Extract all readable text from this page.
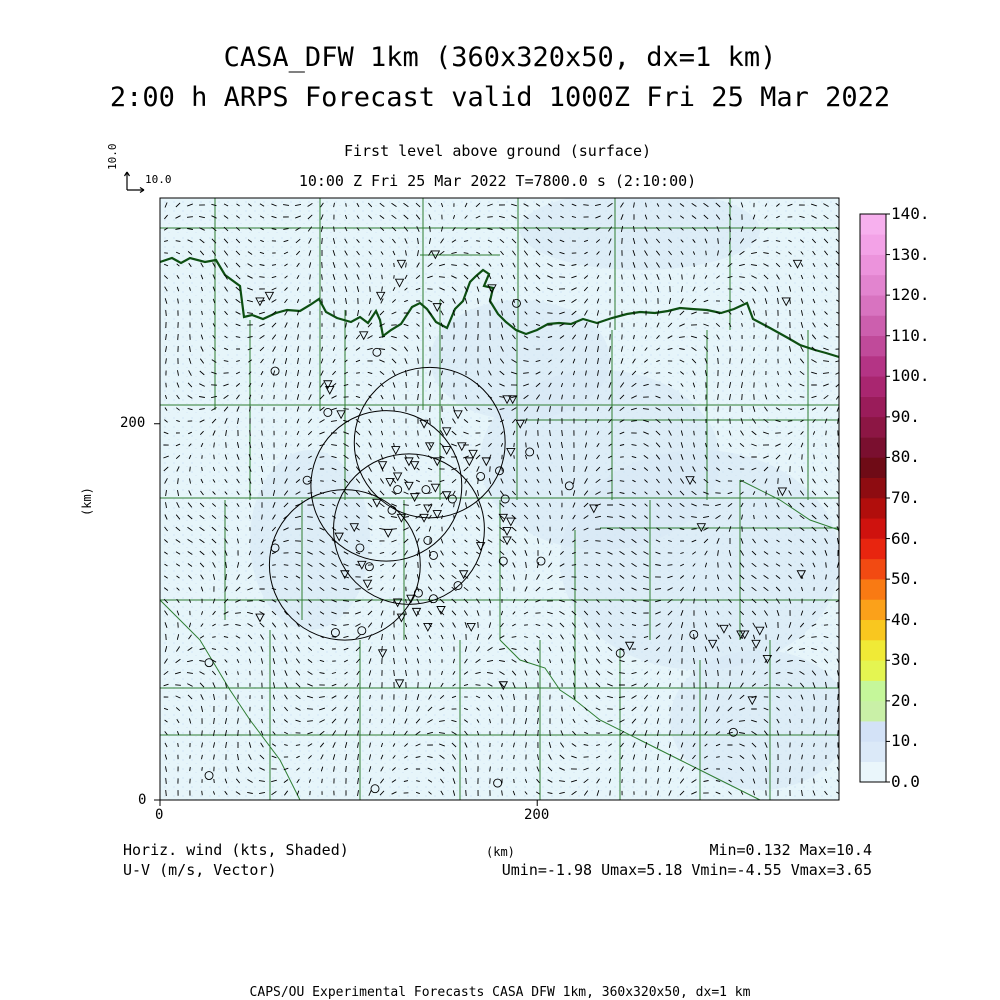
CASA_DFW 1km (360x320x50, dx=1 km)
2:00 h ARPS Forecast valid 1000Z Fri 25 Mar 2022
First level above ground (surface)
10:00 Z Fri 25 Mar 2022 T=7800.0 s (2:10:00)
10.0
10.0
0	200
0
200
(km)
0.0
10.
20.
30.
40.
50.
60.
70.
80.
90.
100.
110.
120.
130.
140.
Horiz. wind (kts, Shaded)
U-V (m/s, Vector)
(km)	Min=0.132 Max=10.4
Umin=-1.98 Umax=5.18 Vmin=-4.55 Vmax=3.65
CAPS/OU Experimental Forecasts CASA DFW 1km, 360x320x50, dx=1 km
